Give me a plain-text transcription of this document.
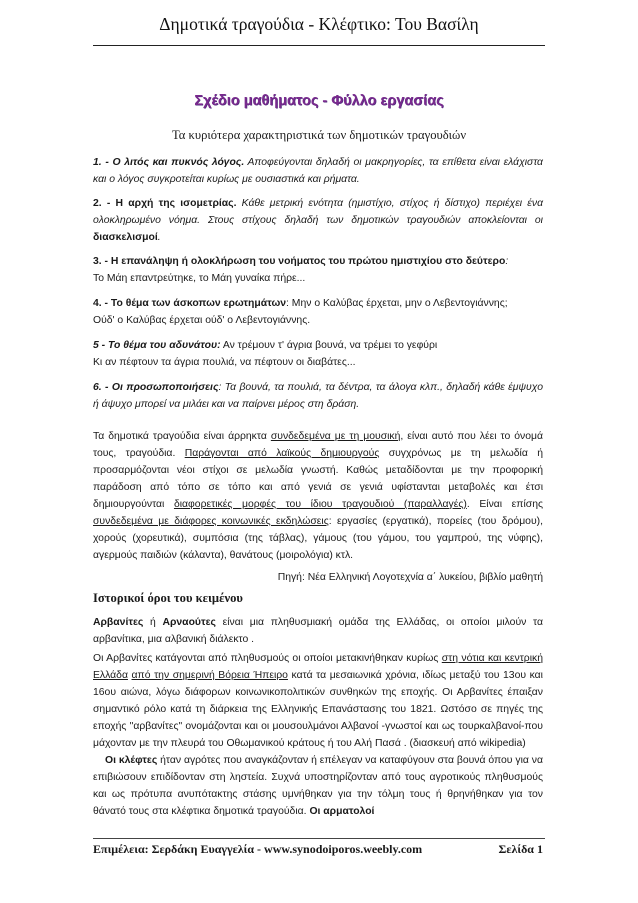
Δημοτικά τραγούδια - Κλέφτικο: Του Βασίλη
Σχέδιο μαθήματος - Φύλλο εργασίας
Τα κυριότερα χαρακτηριστικά των δημοτικών τραγουδιών
1. - Ο λιτός και πυκνός λόγος. Αποφεύγονται δηλαδή οι μακρηγορίες, τα επίθετα είναι ελάχιστα και ο λόγος συγκροτείται κυρίως με ουσιαστικά και ρήματα.
2. - Η αρχή της ισομετρίας. Κάθε μετρική ενότητα (ημιστίχιο, στίχος ή δίστιχο) περιέχει ένα ολοκληρωμένο νόημα. Στους στίχους δηλαδή των δημοτικών τραγουδιών αποκλείονται οι διασκελισμοί.
3. - Η επανάληψη ή ολοκλήρωση του νοήματος του πρώτου ημιστιχίου στο δεύτερο:
Το Μάη επαντρεύτηκε, το Μάη γυναίκα πήρε...
4. - Το θέμα των άσκοπων ερωτημάτων: Μην ο Καλύβας έρχεται, μην ο Λεβεντογιάννης;
Ούδ' ο Καλύβας έρχεται ούδ' ο Λεβεντογιάννης.
5 - Το θέμα του αδυνάτου: Αν τρέμουν τ' άγρια βουνά, να τρέμει το γεφύρι
Κι αν πέφτουν τα άγρια πουλιά, να πέφτουν οι διαβάτες...
6. - Οι προσωποποιήσεις: Τα βουνά, τα πουλιά, τα δέντρα, τα άλογα κλπ., δηλαδή κάθε έμψυχο ή άψυχο μπορεί να μιλάει και να παίρνει μέρος στη δράση.
Τα δημοτικά τραγούδια είναι άρρηκτα συνδεδεμένα με τη μουσική, είναι αυτό που λέει το όνομά τους, τραγούδια. Παράγονται από λαϊκούς δημιουργούς συγχρόνως με τη μελωδία ή προσαρμόζονται νέοι στίχοι σε μελωδία γνωστή. Καθώς μεταδίδονται με την προφορική παράδοση από τόπο σε τόπο και από γενιά σε γενιά υφίστανται μεταβολές και έτσι δημιουργούνται διαφορετικές μορφές του ίδιου τραγουδιού (παραλλαγές). Είναι επίσης συνδεδεμένα με διάφορες κοινωνικές εκδηλώσεις: εργασίες (εργατικά), πορείες (του δρόμου), χορούς (χορευτικά), συμπόσια (της τάβλας), γάμους (του γάμου, του γαμπρού, της νύφης), αγερμούς παιδιών (κάλαντα), θανάτους (μοιρολόγια) κτλ.
Πηγή: Νέα Ελληνική Λογοτεχνία α΄ λυκείου, βιβλίο μαθητή
Ιστορικοί όροι του κειμένου
Αρβανίτες ή Αρναούτες είναι μια πληθυσμιακή ομάδα της Ελλάδας, οι οποίοι μιλούν τα αρβανίτικα, μια αλβανική διάλεκτο .
Οι Αρβανίτες κατάγονται από πληθυσμούς οι οποίοι μετακινήθηκαν κυρίως στη νότια και κεντρική Ελλάδα από την σημερινή Βόρεια Ήπειρο κατά τα μεσαιωνικά χρόνια, ιδίως μεταξύ του 13ου και 16ου αιώνα, λόγω διάφορων κοινωνικοπολιτικών συνθηκών της εποχής. Οι Αρβανίτες έπαιξαν σημαντικό ρόλο κατά τη διάρκεια της Ελληνικής Επανάστασης του 1821. Ωστόσο σε πηγές της εποχής "αρβανίτες" ονομάζονται και οι μουσουλμάνοι Αλβανοί -γνωστοί και ως τουρκαλβανοί-που μάχονταν με την πλευρά του Οθωμανικού κράτους ή του Αλή Πασά . (διασκευή από wikipedia)
Οι κλέφτες ήταν αγρότες που αναγκάζονταν ή επέλεγαν να καταφύγουν στα βουνά όπου για να επιβιώσουν επιδίδονταν στη ληστεία. Συχνά υποστηρίζονταν από τους αγροτικούς πληθυσμούς και ως πρότυπα ανυπότακτης στάσης υμνήθηκαν για την τόλμη τους ή θρηνήθηκαν για τον θάνατό τους στα κλέφτικα δημοτικά τραγούδια. Οι αρματολοί
Επιμέλεια: Σερδάκη Ευαγγελία - www.synodoiporos.weebly.com	Σελίδα 1
